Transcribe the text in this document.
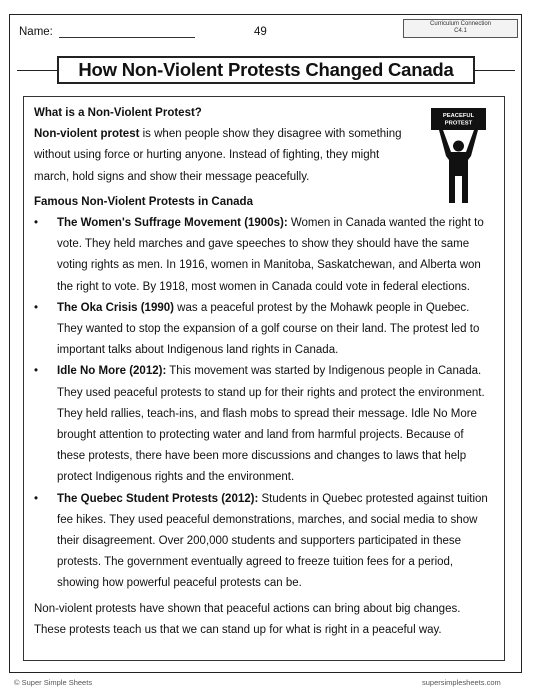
Name:	49
Curriculum Connection
C4.1
How Non-Violent Protests Changed Canada
PEACEFUL
PROTEST

What is a Non-Violent Protest?

Non-violent protest is when people show they disagree with something without using force or hurting anyone. Instead of fighting, they might march, hold signs and show their message peacefully.

Famous Non-Violent Protests in Canada

• The Women's Suffrage Movement (1900s): Women in Canada wanted the right to vote. They held marches and gave speeches to show they should have the same voting rights as men. In 1916, women in Manitoba, Saskatchewan, and Alberta won the right to vote. By 1918, most women in Canada could vote in federal elections.
• The Oka Crisis (1990) was a peaceful protest by the Mohawk people in Quebec. They wanted to stop the expansion of a golf course on their land. The protest led to important talks about Indigenous land rights in Canada.
• Idle No More (2012): This movement was started by Indigenous people in Canada. They used peaceful protests to stand up for their rights and protect the environment. They held rallies, teach-ins, and flash mobs to spread their message. Idle No More brought attention to protecting water and land from harmful projects. Because of these protests, there have been more discussions and changes to laws that help protect Indigenous rights and the environment.
• The Quebec Student Protests (2012): Students in Quebec protested against tuition fee hikes. They used peaceful demonstrations, marches, and social media to show their disagreement. Over 200,000 students and supporters participated in these protests. The government eventually agreed to freeze tuition fees for a period, showing how powerful peaceful protests can be.

Non-violent protests have shown that peaceful actions can bring about big changes. These protests teach us that we can stand up for what is right in a peaceful way.

© Super Simple Sheets	supersimplesheets.com
